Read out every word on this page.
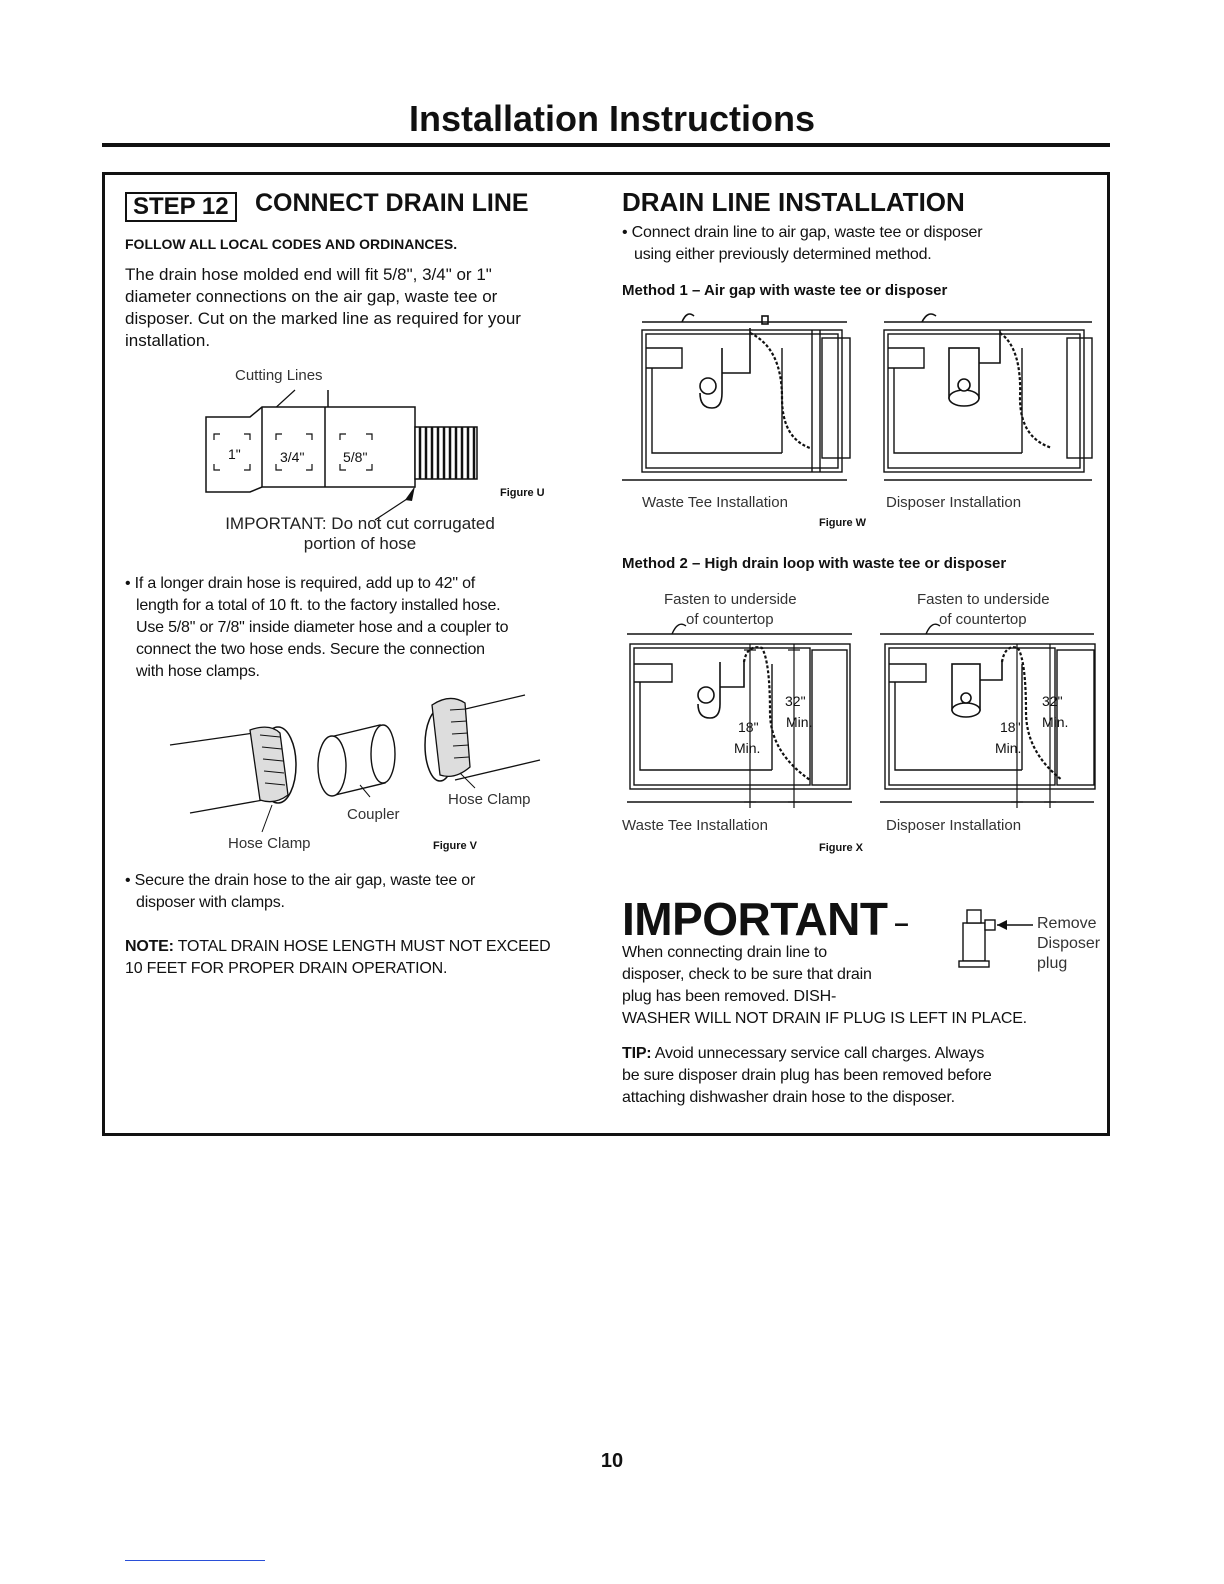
Installation Instructions
STEP 12	CONNECT DRAIN LINE
FOLLOW ALL LOCAL CODES AND ORDINANCES.
The drain hose molded end will fit 5/8", 3/4" or 1"
diameter connections on the air gap, waste tee or
disposer. Cut on the marked line as required for your
installation.
Cutting Lines
1"	3/4"	5/8"
Figure U
IMPORTANT: Do not cut corrugated
portion of hose
• If a longer drain hose is required, add up to 42" of
length for a total of 10 ft. to the factory installed hose.
Use 5/8" or 7/8" inside diameter hose and a coupler to
connect the two hose ends. Secure the connection
with hose clamps.
Hose Clamp
Coupler
Hose Clamp
Figure V
• Secure the drain hose to the air gap, waste tee or
disposer with clamps.
NOTE: TOTAL DRAIN HOSE LENGTH MUST NOT EXCEED
10 FEET FOR PROPER DRAIN OPERATION.
DRAIN LINE INSTALLATION
• Connect drain line to air gap, waste tee or disposer
using either previously determined method.
Method 1 – Air gap with waste tee or disposer
Waste Tee Installation	Disposer Installation
Figure W
Method 2 – High drain loop with waste tee or disposer
Fasten to underside
of countertop
Fasten to underside
of countertop
32"
Min.
18"
Min.
Waste Tee Installation
32"
Min.
18"
Min.
Disposer Installation
Figure X
IMPORTANT –	Remove
Disposer
plug
When connecting drain line to
disposer, check to be sure that drain
plug has been removed. DISH-
WASHER WILL NOT DRAIN IF PLUG IS LEFT IN PLACE.
TIP: Avoid unnecessary service call charges. Always
be sure disposer drain plug has been removed before
attaching dishwasher drain hose to the disposer.
10
